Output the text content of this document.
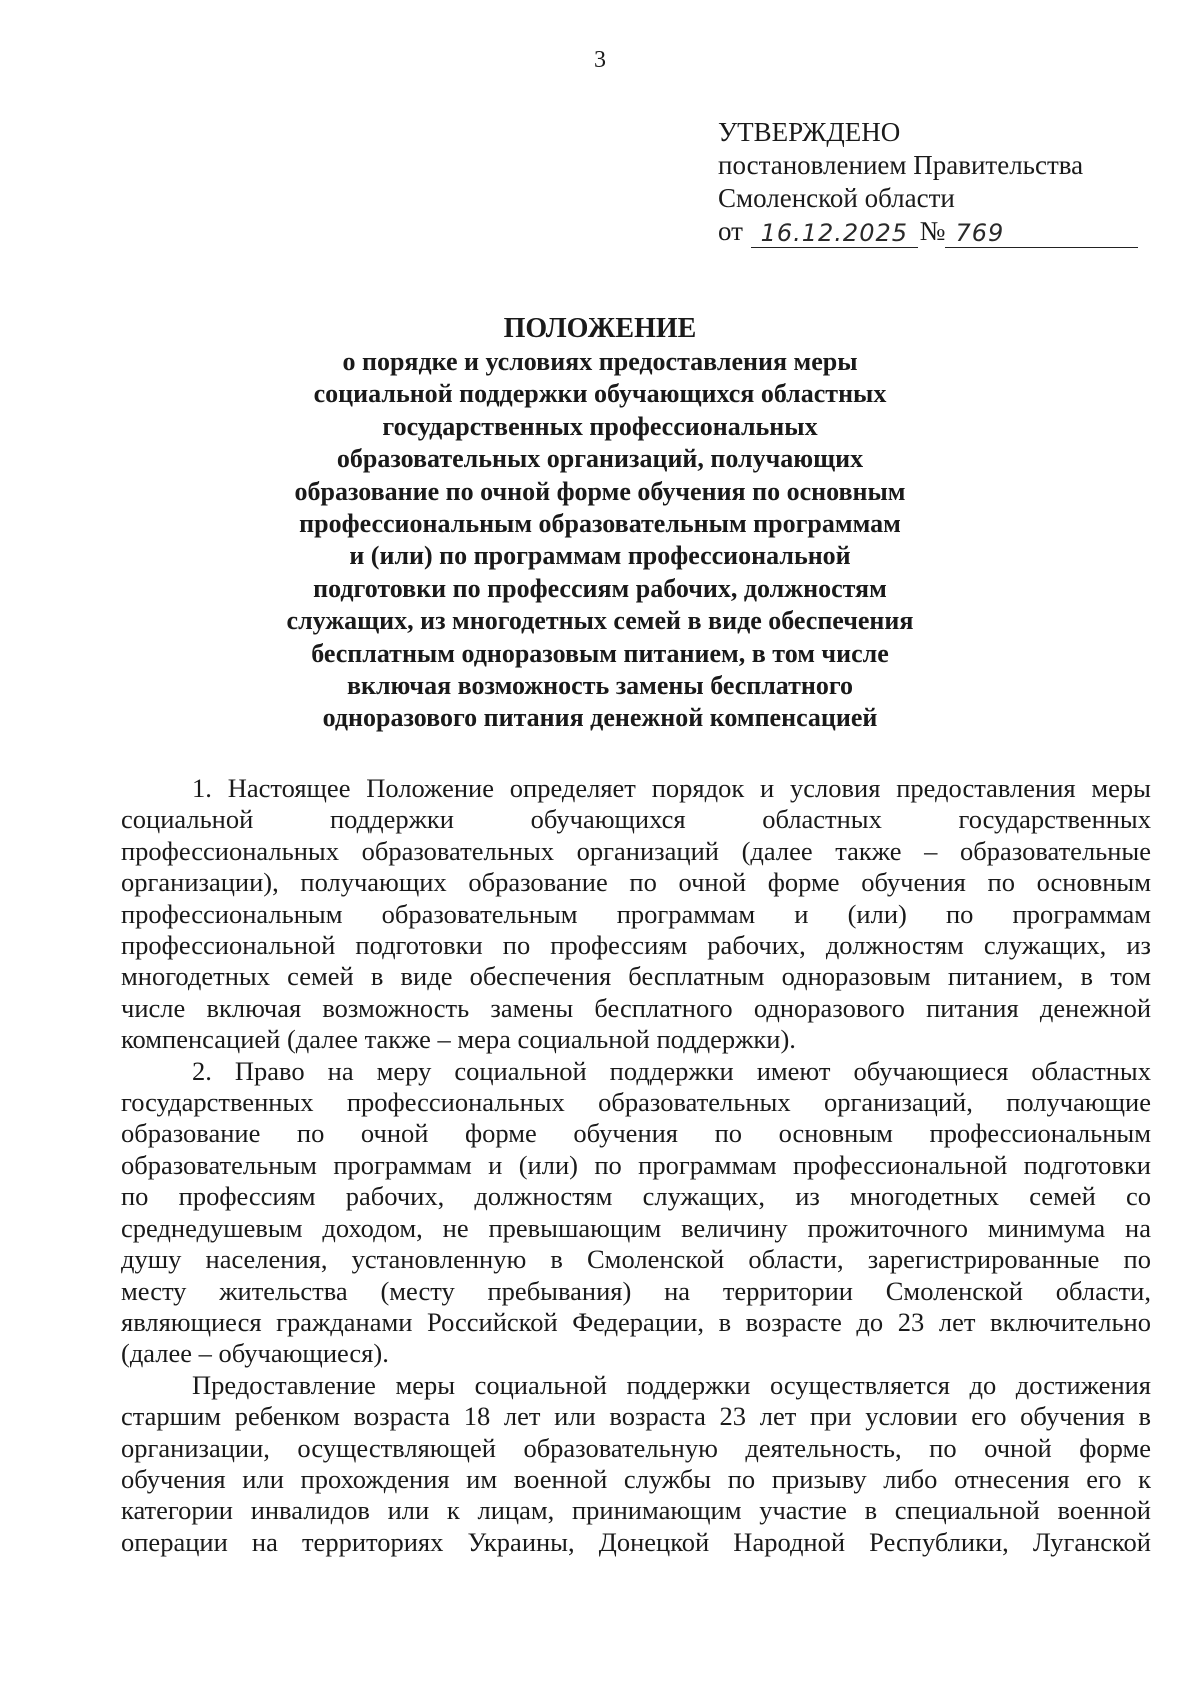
3
УТВЕРЖДЕНО
постановлением Правительства
Смоленской области
от 16.12.2025 № 769
ПОЛОЖЕНИЕ
о порядке и условиях предоставления меры
социальной поддержки обучающихся областных
государственных профессиональных
образовательных организаций, получающих
образование по очной форме обучения по основным
профессиональным образовательным программам
и (или) по программам профессиональной
подготовки по профессиям рабочих, должностям
служащих, из многодетных семей в виде обеспечения
бесплатным одноразовым питанием, в том числе
включая возможность замены бесплатного
одноразового питания денежной компенсацией
1. Настоящее Положение определяет порядок и условия предоставления меры
социальной поддержки обучающихся областных государственных
профессиональных образовательных организаций (далее также – образовательные
организации), получающих образование по очной форме обучения по основным
профессиональным образовательным программам и (или) по программам
профессиональной подготовки по профессиям рабочих, должностям служащих, из
многодетных семей в виде обеспечения бесплатным одноразовым питанием, в том
числе включая возможность замены бесплатного одноразового питания денежной
компенсацией (далее также – мера социальной поддержки).
2. Право на меру социальной поддержки имеют обучающиеся областных
государственных профессиональных образовательных организаций, получающие
образование по очной форме обучения по основным профессиональным
образовательным программам и (или) по программам профессиональной подготовки
по профессиям рабочих, должностям служащих, из многодетных семей со
среднедушевым доходом, не превышающим величину прожиточного минимума на
душу населения, установленную в Смоленской области, зарегистрированные по
месту жительства (месту пребывания) на территории Смоленской области,
являющиеся гражданами Российской Федерации, в возрасте до 23 лет включительно
(далее – обучающиеся).
Предоставление меры социальной поддержки осуществляется до достижения
старшим ребенком возраста 18 лет или возраста 23 лет при условии его обучения в
организации, осуществляющей образовательную деятельность, по очной форме
обучения или прохождения им военной службы по призыву либо отнесения его к
категории инвалидов или к лицам, принимающим участие в специальной военной
операции на территориях Украины, Донецкой Народной Республики, Луганской
